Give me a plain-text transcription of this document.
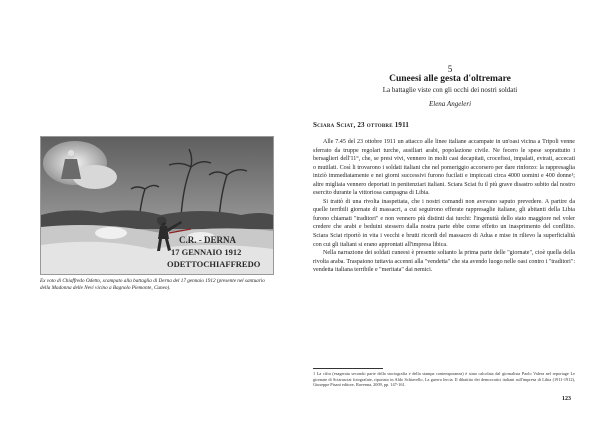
C.R. - DERNA
17 GENNAIO 1912
ODETTOCHIAFFREDO
Ex voto di Chiaffredo Odetto, scampato alla battaglia di Derna del 17 gennaio 1912 (presente nel santuario della Madonna delle Nevi vicino a Bagnolo Piemonte, Cuneo).
5
Cuneesi alle gesta d'oltremare
La battaglie viste con gli occhi dei nostri soldati
Elena Angeleri
Sciara Sciat, 23 ottobre 1911

Alle 7.45 del 23 ottobre 1911 un attacco alle linee italiane accampate in un'oasi vicina a Tripoli venne sferrato da truppe regolari turche, ausiliari arabi, popolazione civile. Ne fecero le spese soprattutto i bersaglieri dell'11°, che, se presi vivi, vennero in molti casi decapitati, crocefissi, impalati, evirati, accecati o mutilati. Così li trovarono i soldati italiani che nel pomeriggio accorsero per dare rinforzo: la rappresaglia iniziò immediatamente e nei giorni successivi furono fucilati e impiccati circa 4000 uomini e 400 donne¹; altre migliaia vennero deportati in penitenziari italiani. Sciara Sciat fu il più grave disastro subito dal nostro esercito durante la vittoriosa campagna di Libia.

Si trattò di una rivolta inaspettata, che i nostri comandi non avevano saputo prevedere. A partire da quelle terribili giornate di massacri, a cui seguirono efferate rappresaglie italiane, gli abitanti della Libia furono chiamati "traditori" e non vennero più distinti dai turchi: l'ingenuità dello stato maggiore nel voler credere che arabi e beduini stessero dalla nostra parte ebbe come effetto un inasprimento del conflitto. Sciara Sciat riportò in vita i vecchi e brutti ricordi del massacro di Adua e mise in rilievo la superficialità con cui gli italiani si erano approntati all'impresa libica.

Nella narrazione dei soldati cuneesi è presente soltanto la prima parte delle "giornate", cioè quella della rivolta araba. Traspaiono tuttavia accenni alla "vendetta" che sta avendo luogo nelle oasi contro i "traditori": vendetta italiana terribile e "meritata" dai nemici.

1 La cifra (esagerata secondo parte della storiografia e della stampa contemporanea) è stata calcolata dal giornalista Paolo Valera nel reportage Le giornate di Sciarasciat fotografate, riportato in Aldo Schiavello, La guerra lercia. Il dibattito dei democratici italiani sull'impresa di Libia (1911-1912), Giuseppe Pisani editore, Ravenna, 2009, pp. 147-161.
123
